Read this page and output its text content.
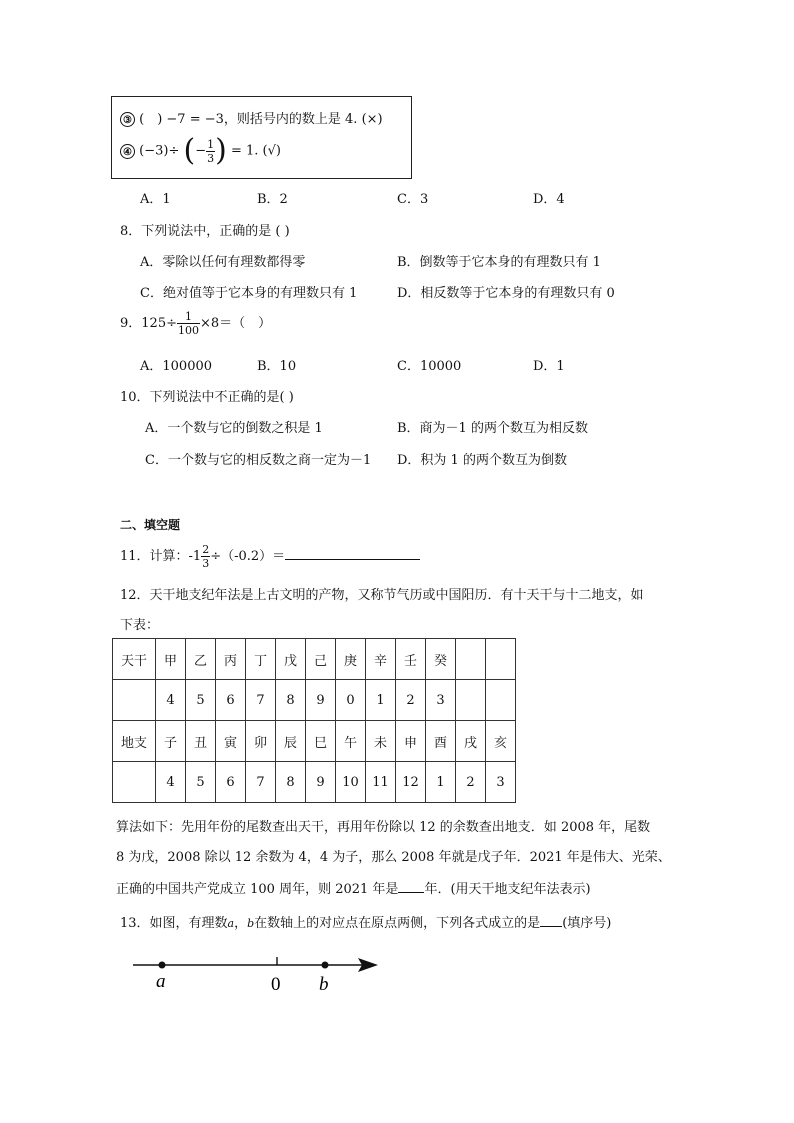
③ (　) −7 = −3，则括号内的数上是 4. (×)
④ (−3)÷ (− $\frac{1}{3}$ ) = 1. (√)
A．1	B．2	C．3	D．4
8．下列说法中，正确的是 ( )
A．零除以任何有理数都得零	B．倒数等于它本身的有理数只有 1
C．绝对值等于它本身的有理数只有 1	D．相反数等于它本身的有理数只有 0
9．$125\div \frac{1}{100} \times 8=$（　）
A．100000	B．10	C．10000	D．1
10．下列说法中不正确的是( )
A．一个数与它的倒数之积是 1	B．商为－1 的两个数互为相反数
C．一个数与它的相反数之商一定为－1 D．积为 1 的两个数互为倒数
二、填空题
11．计算：$-1 \frac{2}{3} \div(-0.2)=$
12．天干地支纪年法是上古文明的产物，又称节气历或中国阳历．有十天干与十二地支，如
下表：
天干	甲	乙	丙	丁	戊	己	庚	辛	壬	癸		
	4	5	6	7	8	9	0	1	2	3		
地支	子	丑	寅	卯	辰	巳	午	未	申	酉	戌	亥
	4	5	6	7	8	9	10	11	12	1	2	3
算法如下：先用年份的尾数查出天干，再用年份除以 12 的余数查出地支．如 2008 年，尾数
8 为戊，2008 除以 12 余数为 4，4 为子，那么 2008 年就是戊子年．2021 年是伟大、光荣、
正确的中国共产党成立 100 周年，则 2021 年是 年．(用天干地支纪年法表示)
13．如图，有理数a，b在数轴上的对应点在原点两侧，下列各式成立的是 (填序号)
a	0 b
